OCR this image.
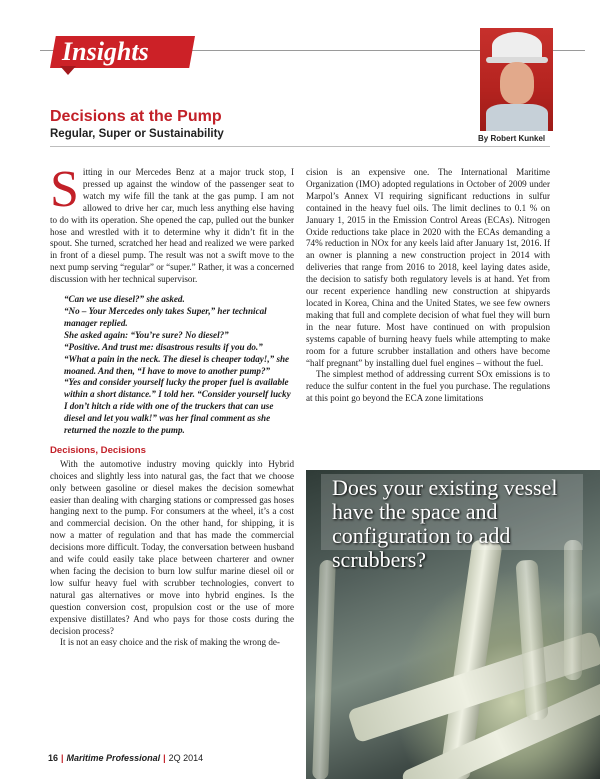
Insights
By Robert Kunkel
Decisions at the Pump
Regular, Super or Sustainability

Sitting in our Mercedes Benz at a major truck stop, I pressed up against the window of the passenger seat to watch my wife fill the tank at the gas pump. I am not allowed to drive her car, much less anything else having to do with its operation. She opened the cap, pulled out the bunker hose and wrestled with it to determine why it didn’t fit in the spout. She turned, scratched her head and realized we were parked in front of a diesel pump. The result was not a swift move to the next pump serving “regular” or “super.” Rather, it was a concerned discussion with her technical supervisor.

“Can we use diesel?” she asked.

“No – Your Mercedes only takes Super,” her technical manager replied.

She asked again: “You’re sure? No diesel?”

“Positive. And trust me: disastrous results if you do.”

“What a pain in the neck. The diesel is cheaper today!,” she moaned. And then, “I have to move to another pump?”

“Yes and consider yourself lucky the proper fuel is available within a short distance.” I told her. “Consider yourself lucky I don’t hitch a ride with one of the truckers that can use diesel and let you walk!” was her final comment as she returned the nozzle to the pump.

Decisions, Decisions

With the automotive industry moving quickly into Hybrid choices and slightly less into natural gas, the fact that we choose only between gasoline or diesel makes the decision somewhat easier than dealing with charging stations or compressed gas hoses hanging next to the pump. For consumers at the wheel, it’s a cost and commercial decision. On the other hand, for shipping, it is now a matter of regulation and that has made the commercial decisions more difficult. Today, the conversation between husband and wife could easily take place between charterer and owner when facing the decision to burn low sulfur marine diesel oil or low sulfur heavy fuel with scrubber technologies, convert to natural gas alternatives or move into hybrid engines. Is the question conversion cost, propulsion cost or the use of more expensive distillates? And who pays for those costs during the decision process?

It is not an easy choice and the risk of making the wrong de-

cision is an expensive one. The International Maritime Organization (IMO) adopted regulations in October of 2009 under Marpol’s Annex VI requiring significant reductions in sulfur contained in the heavy fuel oils. The limit declines to 0.1 % on January 1, 2015 in the Emission Control Areas (ECAs). Nitrogen Oxide reductions take place in 2020 with the ECAs demanding a 74% reduction in NOx for any keels laid after January 1st, 2016. If an owner is planning a new construction project in 2014 with deliveries that range from 2016 to 2018, keel laying dates aside, the decision to satisfy both regulatory levels is at hand. Yet from our recent experience handling new construction at shipyards located in Korea, China and the United States, we see few owners making that full and complete decision of what fuel they will burn in the near future. Most have continued on with propulsion systems capable of burning heavy fuels while attempting to make room for a future scrubber installation and others have become “half pregnant” by installing duel fuel engines – without the fuel.

The simplest method of addressing current SOx emissions is to reduce the sulfur content in the fuel you purchase. The regulations at this point go beyond the ECA zone limitations

Does your existing vessel have the space and configuration to add scrubbers?
16 | Maritime Professional | 2Q 2014
